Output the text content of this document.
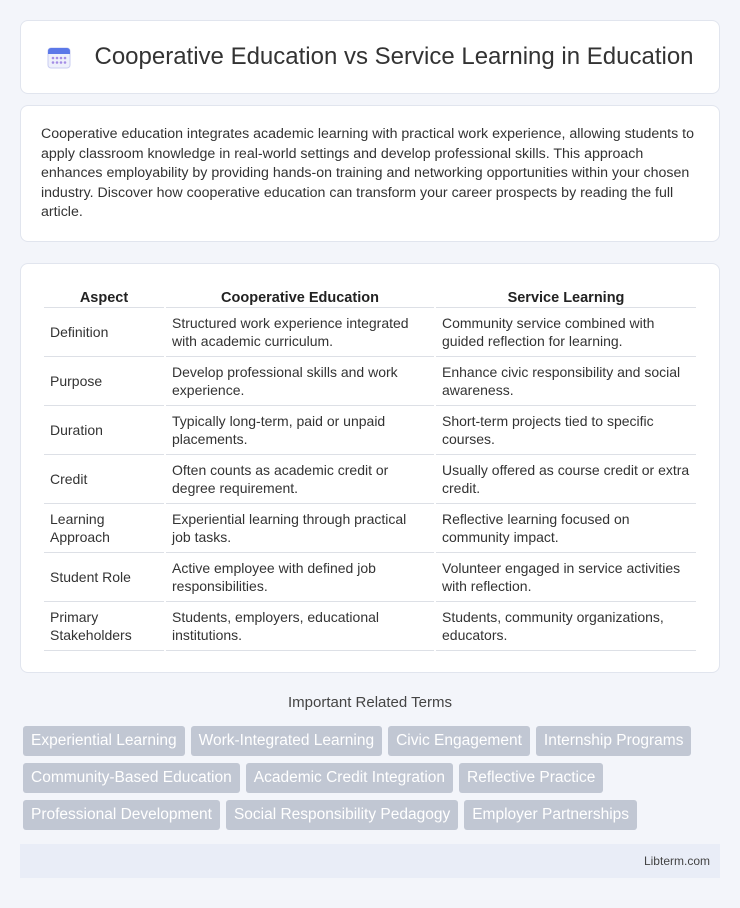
Cooperative Education vs Service Learning in Education

Cooperative education integrates academic learning with practical work experience, allowing students to apply classroom knowledge in real-world settings and develop professional skills. This approach enhances employability by providing hands-on training and networking opportunities within your chosen industry. Discover how cooperative education can transform your career prospects by reading the full article.

Aspect	Cooperative Education	Service Learning
Definition	Structured work experience integrated with academic curriculum.	Community service combined with guided reflection for learning.
Purpose	Develop professional skills and work experience.	Enhance civic responsibility and social awareness.
Duration	Typically long-term, paid or unpaid placements.	Short-term projects tied to specific courses.
Credit	Often counts as academic credit or degree requirement.	Usually offered as course credit or extra credit.
Learning Approach	Experiential learning through practical job tasks.	Reflective learning focused on community impact.
Student Role	Active employee with defined job responsibilities.	Volunteer engaged in service activities with reflection.
Primary Stakeholders	Students, employers, educational institutions.	Students, community organizations, educators.
Important Related Terms
Experiential Learning	Work-Integrated Learning	Civic Engagement	Internship Programs
Community-Based Education	Academic Credit Integration	Reflective Practice
Professional Development	Social Responsibility Pedagogy	Employer Partnerships
Libterm.com
